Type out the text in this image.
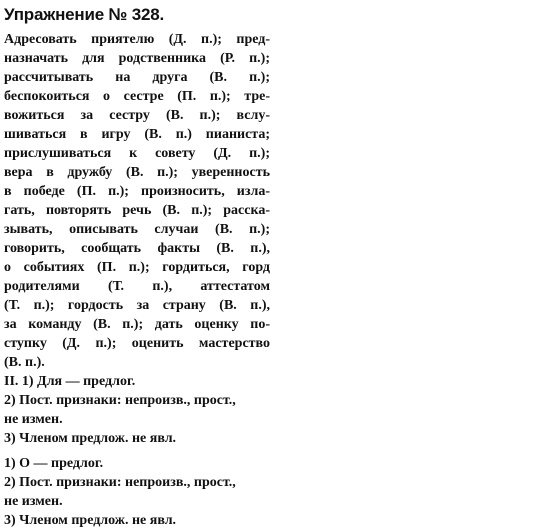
Упражнение № 328.
Адресовать приятелю (Д. п.); пред-
назначать для родственника (Р. п.);
рассчитывать на друга (В. п.);
беспокоиться о сестре (П. п.); тре-
вожиться за сестру (В. п.); вслу-
шиваться в игру (В. п.) пианиста;
прислушиваться к совету (Д. п.);
вера в дружбу (В. п.); уверенность
в победе (П. п.); произносить, изла-
гать, повторять речь (В. п.); расска-
зывать, описывать случаи (В. п.);
говорить, сообщать факты (В. п.),
о событиях (П. п.); гордиться, горд
родителями (Т. п.), аттестатом
(Т. п.); гордость за страну (В. п.),
за команду (В. п.); дать оценку по-
ступку (Д. п.); оценить мастерство
(В. п.).
II. 1) Для — предлог.
2) Пост. признаки: непроизв., прост.,
не измен.
3) Членом предлож. не явл.
1) О — предлог.
2) Пост. признаки: непроизв., прост.,
не измен.
3) Членом предлож. не явл.
